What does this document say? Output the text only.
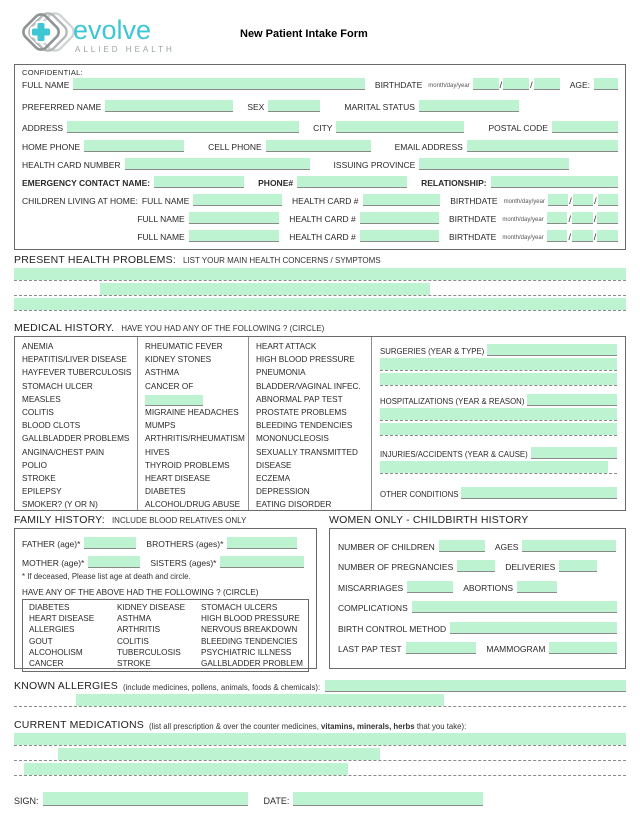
evolve
ALLIED HEALTH
New Patient Intake Form
CONFIDENTIAL:
FULL NAME	BIRTHDATE	month/day/year	/	/	AGE:
PREFERRED NAME	SEX	MARITAL STATUS
ADDRESS	CITY	POSTAL CODE
HOME PHONE	CELL PHONE	EMAIL ADDRESS
HEALTH CARD NUMBER	ISSUING PROVINCE
EMERGENCY CONTACT NAME:	PHONE#	RELATIONSHIP:
CHILDREN LIVING AT HOME: FULL NAME	HEALTH CARD #	BIRTHDATE	month/day/year	/ /
FULL NAME	HEALTH CARD #	BIRTHDATE	month/day/year	/	/
FULL NAME	HEALTH CARD #	BIRTHDATE	month/day/year	/	/
PRESENT HEALTH PROBLEMS: LIST YOUR MAIN HEALTH CONCERNS / SYMPTOMS
MEDICAL HISTORY. HAVE YOU HAD ANY OF THE FOLLOWING ? (CIRCLE)
ANEMIA
HEPATITIS/LIVER DISEASE
HAYFEVER TUBERCULOSIS
STOMACH ULCER
MEASLES
COLITIS
BLOOD CLOTS
GALLBLADDER PROBLEMS
ANGINA/CHEST PAIN
POLIO
STROKE
EPILEPSY
SMOKER? (Y OR N)
RHEUMATIC FEVER
KIDNEY STONES ASTHMA
CANCER OF
MIGRAINE HEADACHES
MUMPS
ARTHRITIS/RHEUMATISM
HIVES
THYROID PROBLEMS
HEART DISEASE
DIABETES
ALCOHOL/DRUG ABUSE
HEART ATTACK
HIGH BLOOD PRESSURE
PNEUMONIA
BLADDER/VAGINAL INFEC.
ABNORMAL PAP TEST
PROSTATE PROBLEMS
BLEEDING TENDENCIES
MONONUCLEOSIS
SEXUALLY TRANSMITTED
DISEASE
ECZEMA
DEPRESSION
EATING DISORDER
SURGERIES (YEAR & TYPE)
HOSPITALIZATIONS (YEAR & REASON)
INJURIES/ACCIDENTS (YEAR & CAUSE)
OTHER CONDITIONS
FAMILY HISTORY: INCLUDE BLOOD RELATIVES ONLY
FATHER (age)*	BROTHERS (ages)*
MOTHER (age)*	SISTERS (ages)*
* If deceased, Please list age at death and circle.
HAVE ANY OF THE ABOVE HAD THE FOLLOWING ? (CIRCLE)
DIABETES
HEART DISEASE
ALLERGIES
GOUT
ALCOHOLISM
CANCER
KIDNEY DISEASE
ASTHMA
ARTHRITIS
COLITIS
TUBERCULOSIS
STROKE
STOMACH ULCERS
HIGH BLOOD PRESSURE
NERVOUS BREAKDOWN
BLEEDING TENDENCIES
PSYCHIATRIC ILLNESS
GALLBLADDER PROBLEM
WOMEN ONLY - CHILDBIRTH HISTORY
NUMBER OF CHILDREN	AGES
NUMBER OF PREGNANCIES	DELIVERIES
MISCARRIAGES	ABORTIONS
COMPLICATIONS
BIRTH CONTROL METHOD
LAST PAP TEST	MAMMOGRAM
KNOWN ALLERGIES (include medicines, pollens, animals, foods & chemicals):
CURRENT MEDICATIONS (list all prescription & over the counter medicines, vitamins, minerals, herbs that you take):
SIGN:	DATE:
